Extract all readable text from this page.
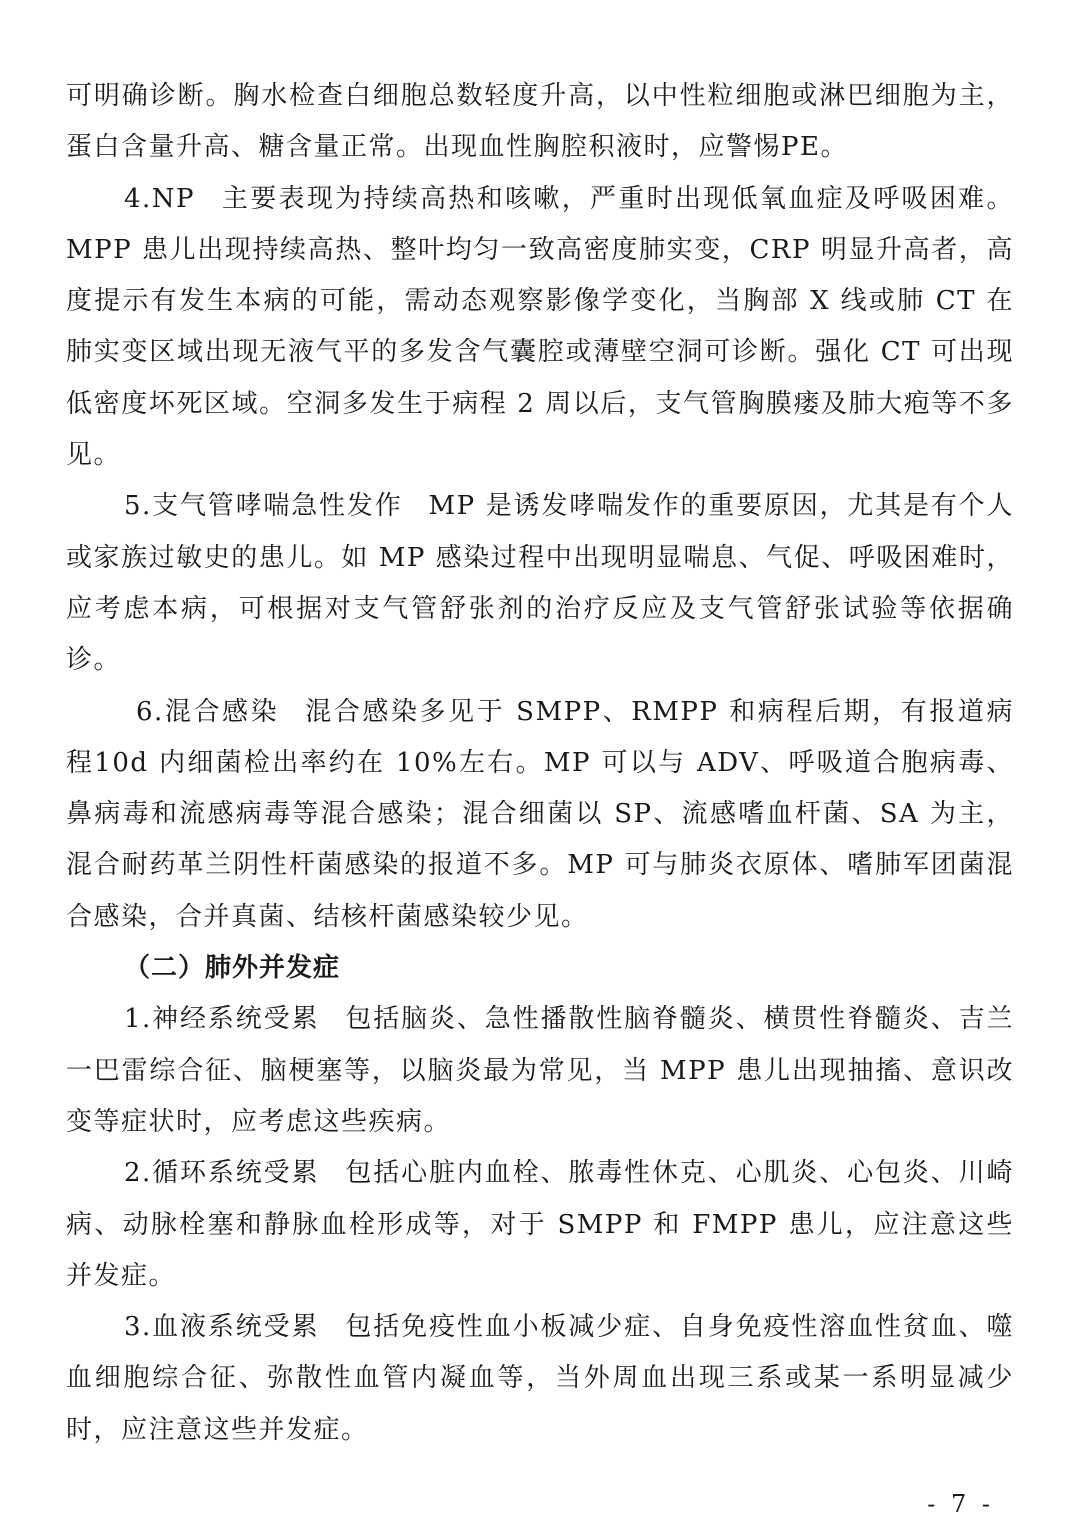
可明确诊断。胸水检查白细胞总数轻度升高，以中性粒细胞或淋巴细胞为主，蛋白含量升高、糖含量正常。出现血性胸腔积液时，应警惕PE。

4.NP 主要表现为持续高热和咳嗽，严重时出现低氧血症及呼吸困难。MPP 患儿出现持续高热、整叶均匀一致高密度肺实变，CRP 明显升高者，高度提示有发生本病的可能，需动态观察影像学变化，当胸部 X 线或肺 CT 在肺实变区域出现无液气平的多发含气囊腔或薄壁空洞可诊断。强化 CT 可出现低密度坏死区域。空洞多发生于病程 2 周以后，支气管胸膜瘘及肺大疱等不多见。

5.支气管哮喘急性发作 MP 是诱发哮喘发作的重要原因，尤其是有个人或家族过敏史的患儿。如 MP 感染过程中出现明显喘息、气促、呼吸困难时，应考虑本病，可根据对支气管舒张剂的治疗反应及支气管舒张试验等依据确诊。

6.混合感染 混合感染多见于 SMPP、RMPP 和病程后期，有报道病程10d 内细菌检出率约在 10%左右。MP 可以与 ADV、呼吸道合胞病毒、鼻病毒和流感病毒等混合感染；混合细菌以 SP、流感嗜血杆菌、SA 为主，混合耐药革兰阴性杆菌感染的报道不多。MP 可与肺炎衣原体、嗜肺军团菌混合感染，合并真菌、结核杆菌感染较少见。

（二）肺外并发症

1.神经系统受累 包括脑炎、急性播散性脑脊髓炎、横贯性脊髓炎、吉兰一巴雷综合征、脑梗塞等，以脑炎最为常见，当 MPP 患儿出现抽搐、意识改变等症状时，应考虑这些疾病。

2.循环系统受累 包括心脏内血栓、脓毒性休克、心肌炎、心包炎、川崎病、动脉栓塞和静脉血栓形成等，对于 SMPP 和 FMPP 患儿，应注意这些并发症。

3.血液系统受累 包括免疫性血小板减少症、自身免疫性溶血性贫血、噬血细胞综合征、弥散性血管内凝血等，当外周血出现三系或某一系明显减少时，应注意这些并发症。

- 7 -
